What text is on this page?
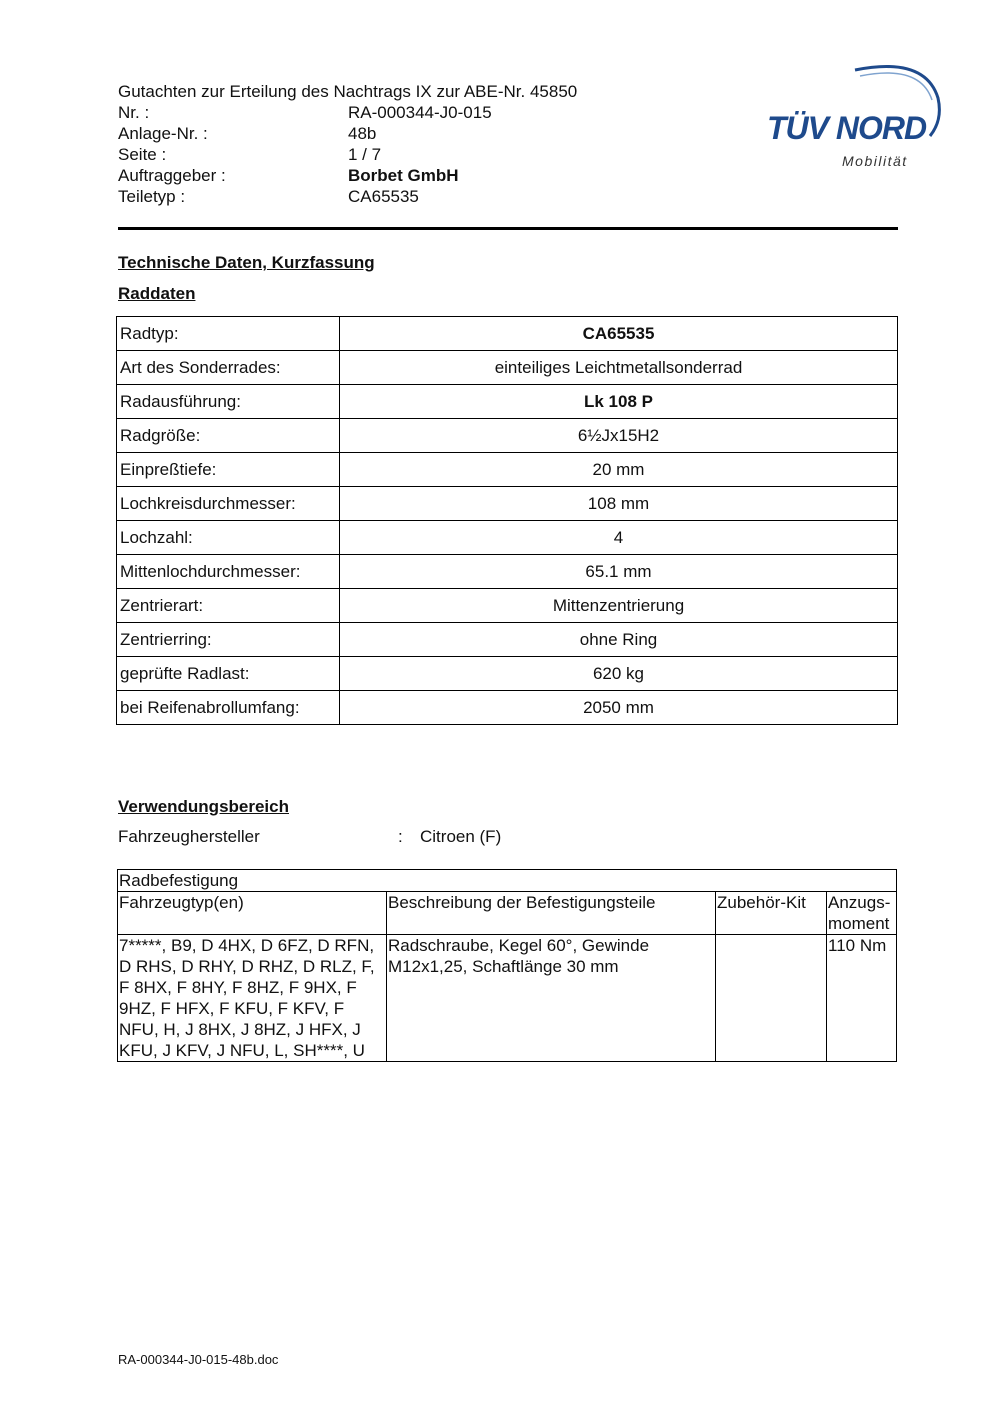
Gutachten zur Erteilung des Nachtrags IX zur ABE-Nr. 45850
Nr. :	RA-000344-J0-015
Anlage-Nr. :	48b
Seite :	1 / 7
Auftraggeber :	Borbet GmbH
Teiletyp :	CA65535
TÜV NORD
Mobilität
Technische Daten, Kurzfassung
Raddaten
Radtyp:	CA65535
Art des Sonderrades:	einteiliges Leichtmetallsonderrad
Radausführung:	Lk 108 P
Radgröße:	6½Jx15H2
Einpreßtiefe:	20 mm
Lochkreisdurchmesser:	108 mm
Lochzahl:	4
Mittenlochdurchmesser:	65.1 mm
Zentrierart:	Mittenzentrierung
Zentrierring:	ohne Ring
geprüfte Radlast:	620 kg
bei Reifenabrollumfang:	2050 mm
Verwendungsbereich
Fahrzeughersteller	:	Citroen (F)
Radbefestigung			
Fahrzeugtyp(en)	Beschreibung der Befestigungsteile	Zubehör-Kit	Anzugs-
moment
7*****, B9, D 4HX, D 6FZ, D RFN, D RHS, D RHY, D RHZ, D RLZ, F, F 8HX, F 8HY, F 8HZ, F 9HX, F 9HZ, F HFX, F KFU, F KFV, F NFU, H, J 8HX, J 8HZ, J HFX, J KFU, J KFV, J NFU, L, SH****, U	Radschraube, Kegel 60°, Gewinde M12x1,25, Schaftlänge 30 mm		110 Nm
RA-000344-J0-015-48b.doc
